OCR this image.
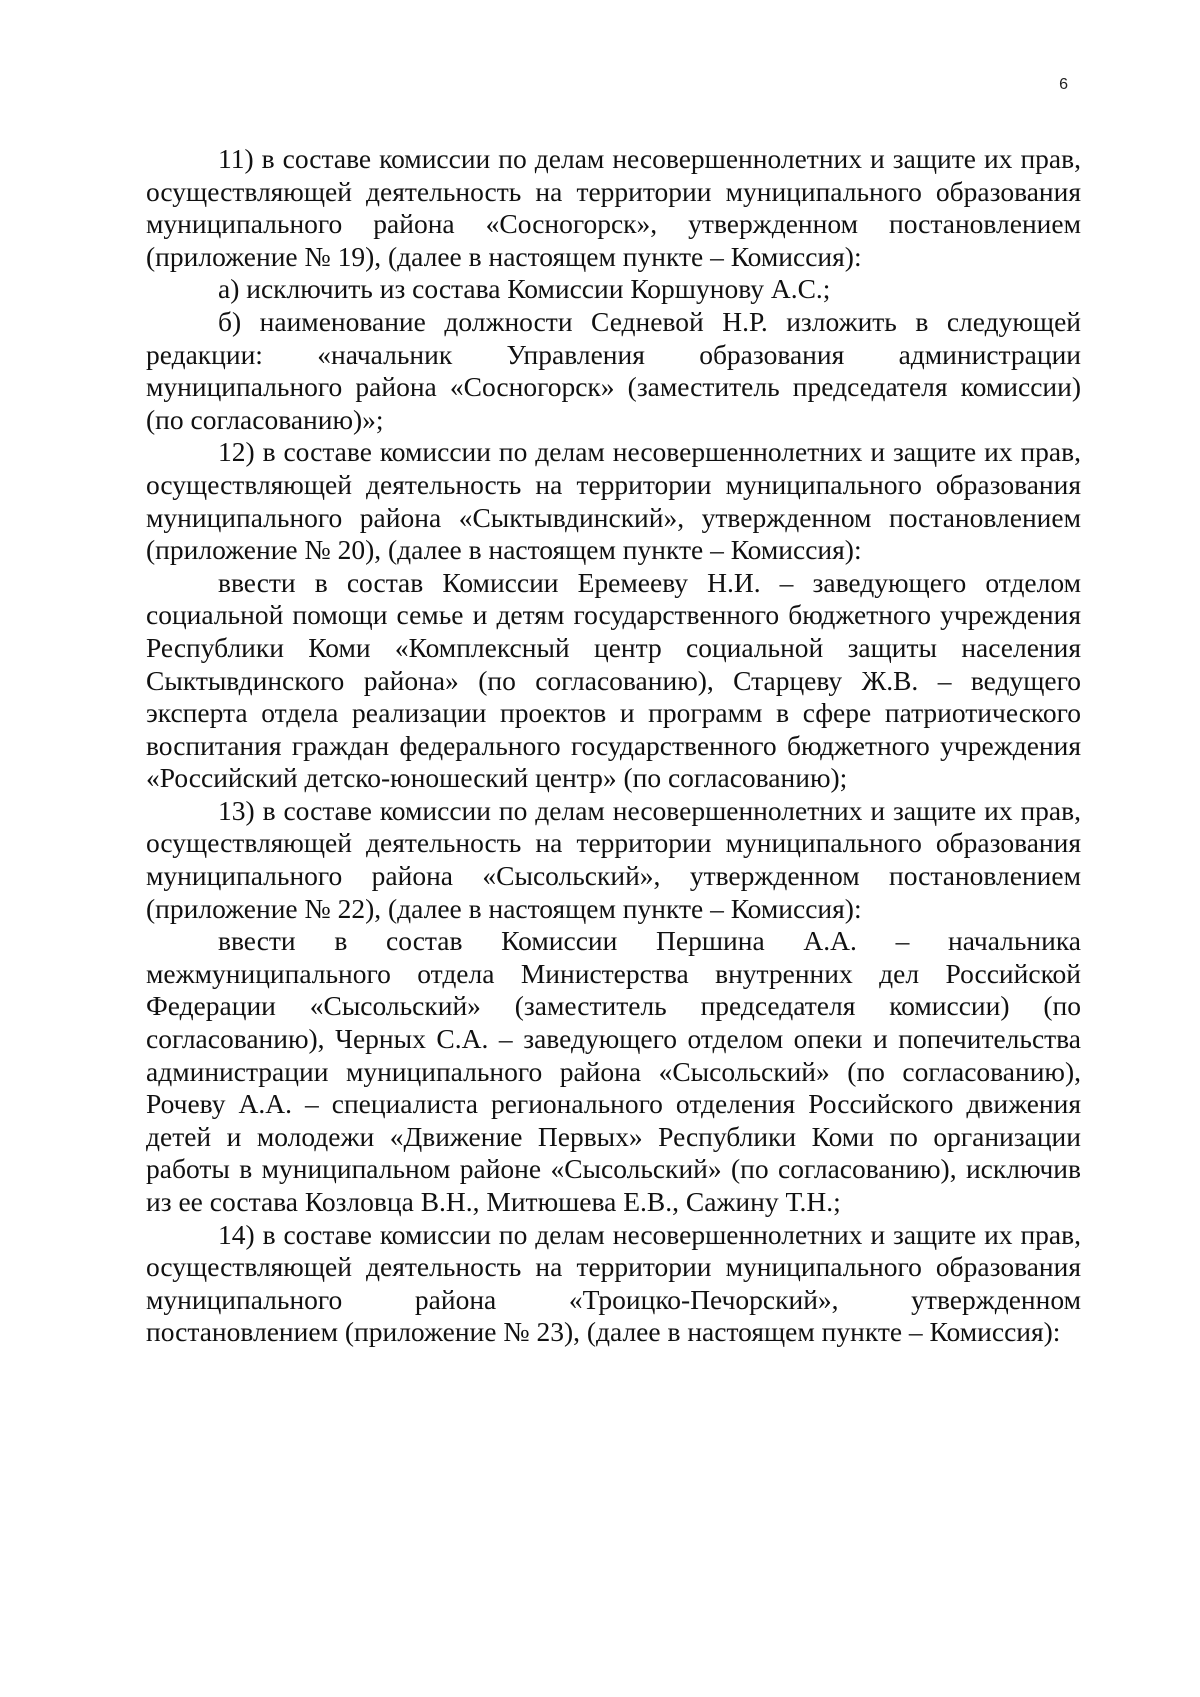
6

11) в составе комиссии по делам несовершеннолетних и защите их прав, осуществляющей деятельность на территории муниципального образования муниципального района «Сосногорск», утвержденном постановлением (приложение № 19), (далее в настоящем пункте – Комиссия):

а) исключить из состава Комиссии Коршунову А.С.;

б) наименование должности Седневой Н.Р. изложить в следующей редакции: «начальник Управления образования администрации муниципального района «Сосногорск» (заместитель председателя комиссии) (по согласованию)»;

12) в составе комиссии по делам несовершеннолетних и защите их прав, осуществляющей деятельность на территории муниципального образования муниципального района «Сыктывдинский», утвержденном постановлением (приложение № 20), (далее в настоящем пункте – Комиссия):

ввести в состав Комиссии Еремееву Н.И. – заведующего отделом социальной помощи семье и детям государственного бюджетного учреждения Республики Коми «Комплексный центр социальной защиты населения Сыктывдинского района» (по согласованию), Старцеву Ж.В. – ведущего эксперта отдела реализации проектов и программ в сфере патриотического воспитания граждан федерального государственного бюджетного учреждения «Российский детско-юношеский центр» (по согласованию);

13) в составе комиссии по делам несовершеннолетних и защите их прав, осуществляющей деятельность на территории муниципального образования муниципального района «Сысольский», утвержденном постановлением (приложение № 22), (далее в настоящем пункте – Комиссия):

ввести в состав Комиссии Першина А.А. – начальника межмуниципального отдела Министерства внутренних дел Российской Федерации «Сысольский» (заместитель председателя комиссии) (по согласованию), Черных С.А. – заведующего отделом опеки и попечительства администрации муниципального района «Сысольский» (по согласованию), Рочеву А.А. – специалиста регионального отделения Российского движения детей и молодежи «Движение Первых» Республики Коми по организации работы в муниципальном районе «Сысольский» (по согласованию), исключив из ее состава Козловца В.Н., Митюшева Е.В., Сажину Т.Н.;

14) в составе комиссии по делам несовершеннолетних и защите их прав, осуществляющей деятельность на территории муниципального образования муниципального района «Троицко-Печорский», утвержденном постановлением (приложение № 23), (далее в настоящем пункте – Комиссия):
